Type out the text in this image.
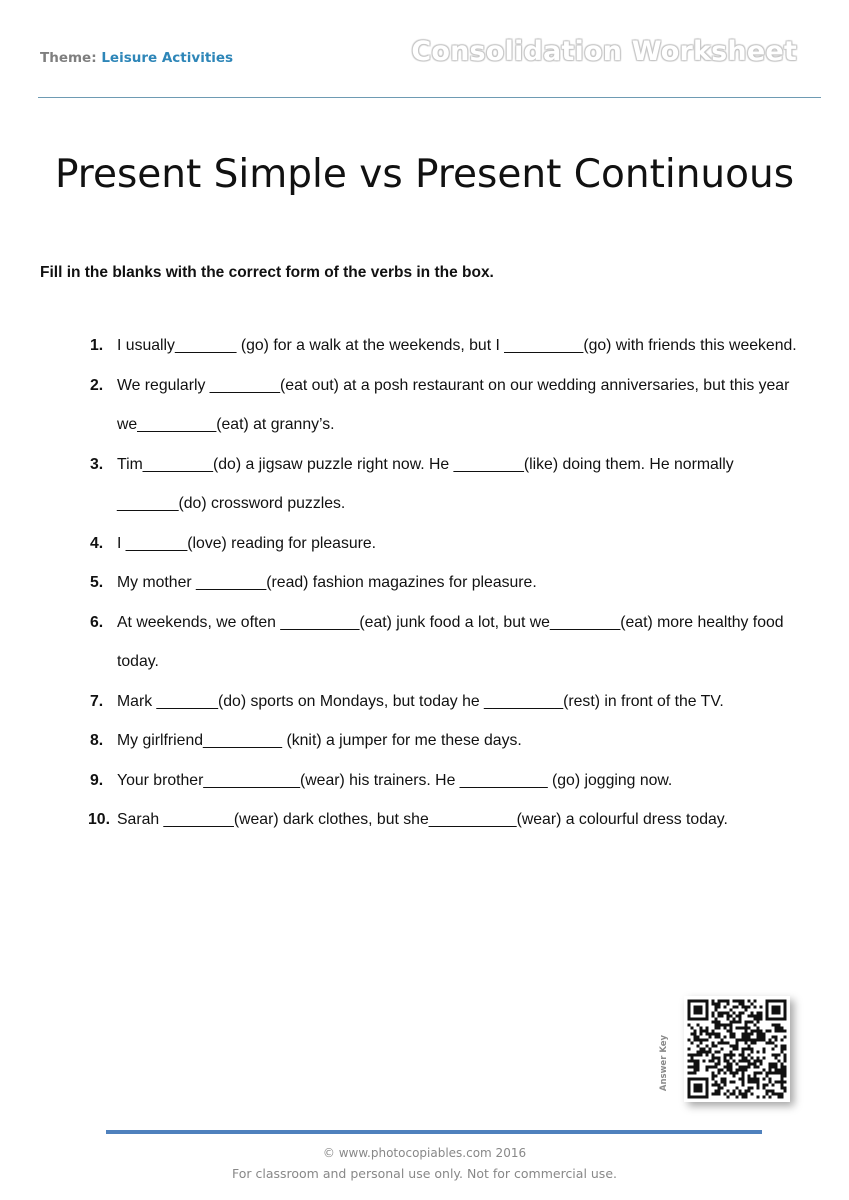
Theme: Leisure Activities	Consolidation Worksheet
Present Simple vs Present Continuous
Fill in the blanks with the correct form of the verbs in the box.
1. I usually_______ (go) for a walk at the weekends, but I _________(go) with friends this weekend.
2. We regularly ________(eat out) at a posh restaurant on our wedding anniversaries, but this year we_________(eat) at granny’s.
3. Tim________(do) a jigsaw puzzle right now. He ________(like) doing them. He normally _______(do) crossword puzzles.
4. I _______(love) reading for pleasure.
5. My mother ________(read) fashion magazines for pleasure.
6. At weekends, we often _________(eat) junk food a lot, but we________(eat) more healthy food today.
7. Mark _______(do) sports on Mondays, but today he _________(rest) in front of the TV.
8. My girlfriend_________ (knit) a jumper for me these days.
9. Your brother___________(wear) his trainers. He __________ (go) jogging now.
10. Sarah ________(wear) dark clothes, but she__________(wear) a colourful dress today.
Answer Key
© www.photocopiables.com 2016
For classroom and personal use only. Not for commercial use.
